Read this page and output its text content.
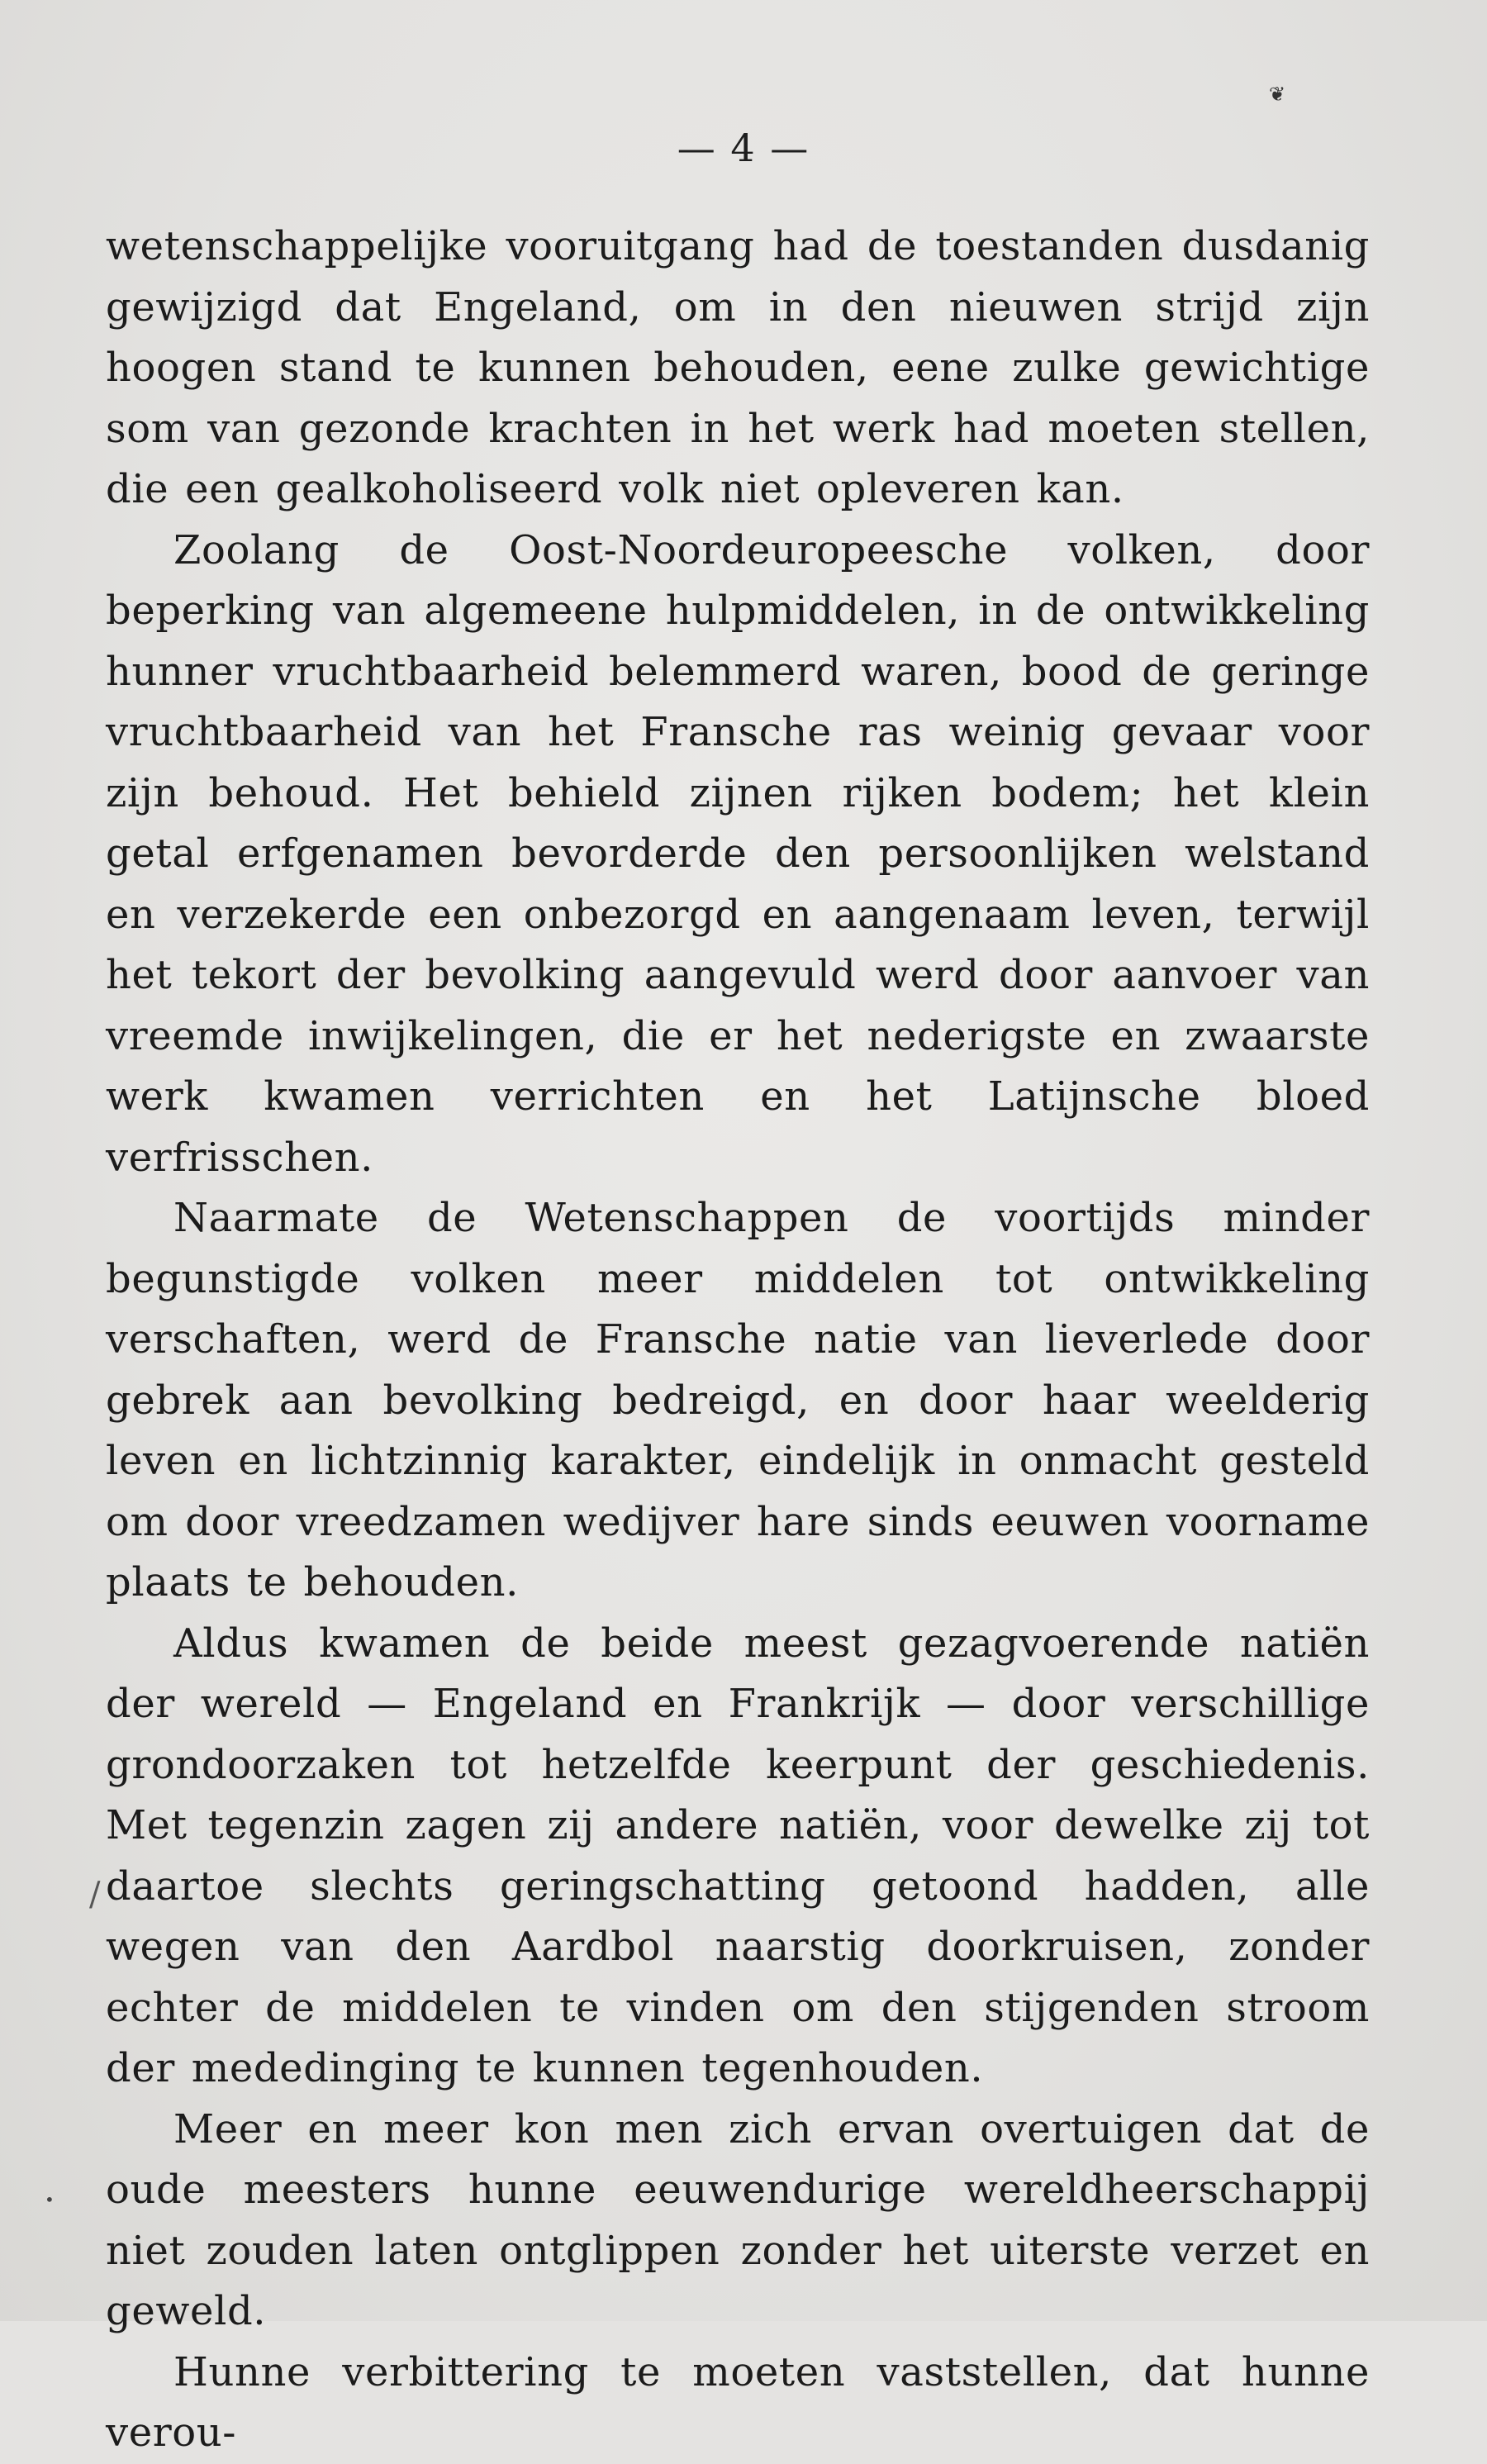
❦
— 4 —

wetenschappelijke vooruitgang had de toestanden dusdanig gewijzigd dat Engeland, om in den nieuwen strijd zijn hoogen stand te kunnen behouden, eene zulke gewichtige som van gezonde krachten in het werk had moeten stellen, die een gealkoholiseerd volk niet opleveren kan.

Zoolang de Oost-Noordeuropeesche volken, door beperking van algemeene hulpmiddelen, in de ontwikkeling hunner vruchtbaarheid belemmerd waren, bood de geringe vruchtbaarheid van het Fransche ras weinig gevaar voor zijn behoud. Het behield zijnen rijken bodem; het klein getal erfgenamen bevorderde den persoonlijken welstand en verzekerde een onbezorgd en aangenaam leven, terwijl het tekort der bevolking aangevuld werd door aanvoer van vreemde inwijkelingen, die er het nederigste en zwaarste werk kwamen verrichten en het Latijnsche bloed verfrisschen.

Naarmate de Wetenschappen de voortijds minder begunstigde volken meer middelen tot ontwikkeling verschaften, werd de Fransche natie van lieverlede door gebrek aan bevolking bedreigd, en door haar weelderig leven en lichtzinnig karakter, eindelijk in onmacht gesteld om door vreedzamen wedijver hare sinds eeuwen voorname plaats te behouden.

Aldus kwamen de beide meest gezagvoerende natiën der wereld — Engeland en Frankrijk — door verschillige grondoorzaken tot hetzelfde keerpunt der geschiedenis. Met tegenzin zagen zij andere natiën, voor dewelke zij tot daartoe slechts geringschatting getoond hadden, alle wegen van den Aardbol naarstig doorkruisen, zonder echter de middelen te vinden om den stijgenden stroom der mededinging te kunnen tegenhouden.

Meer en meer kon men zich ervan overtuigen dat de oude meesters hunne eeuwendurige wereldheerschappij niet zouden laten ontglippen zonder het uiterste verzet en geweld.

Hunne verbittering te moeten vaststellen, dat hunne verou-

/
•
